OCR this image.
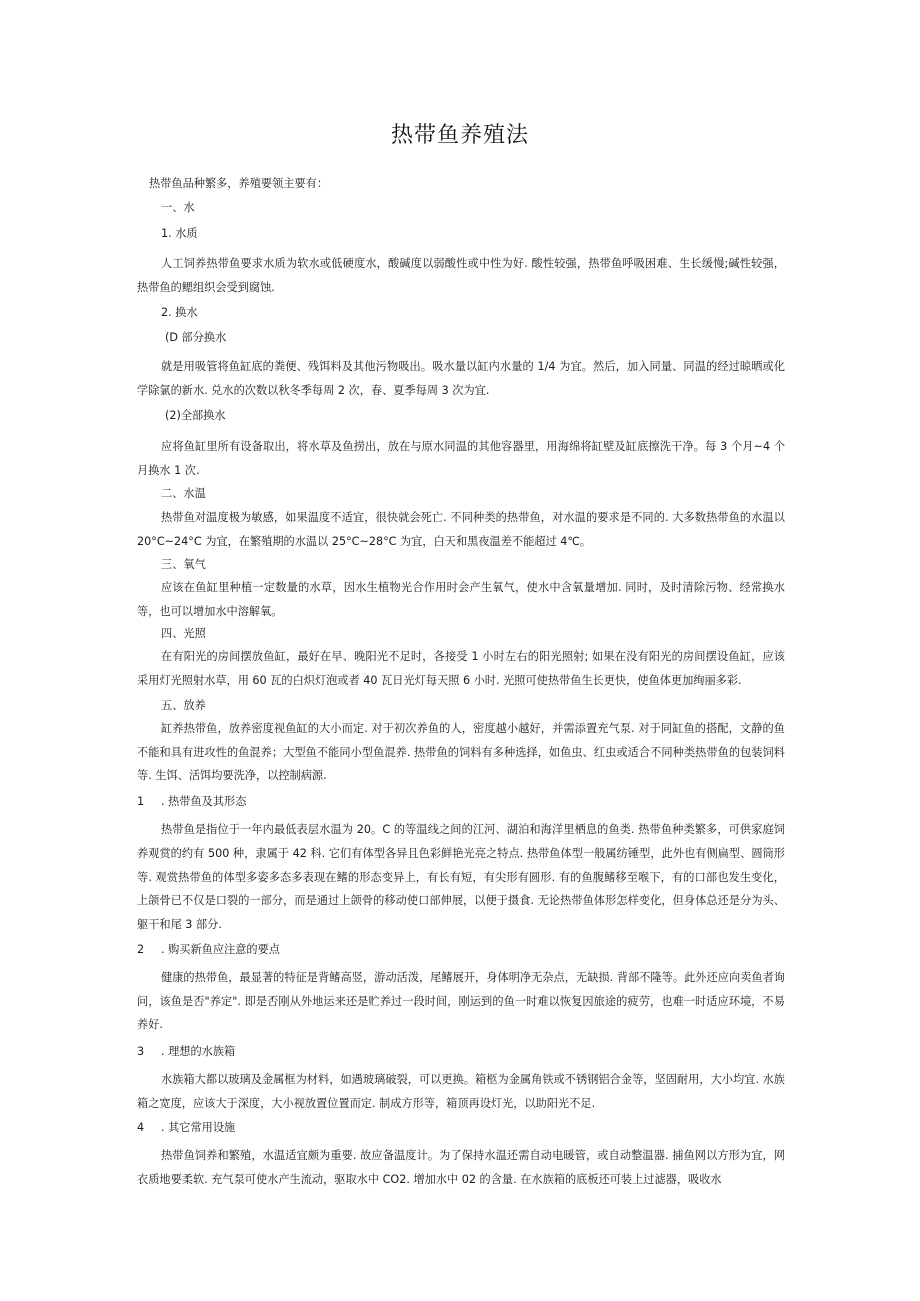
热带鱼养殖法
热带鱼品种繁多，养殖要领主要有：
一、水
1. 水质
人工饲养热带鱼要求水质为软水或低硬度水，酸碱度以弱酸性或中性为好. 酸性较强，热带鱼呼吸困难、生长缓慢;碱性较强，热带鱼的鳃组织会受到腐蚀.
2. 换水
(D 部分换水
就是用吸管将鱼缸底的粪便、残饵料及其他污物吸出。吸水量以缸内水量的 1/4 为宜。然后，加入同量、同温的经过晾晒或化学除氯的新水. 兑水的次数以秋冬季每周 2 次，春、夏季每周 3 次为宜.
(2)全部换水
应将鱼缸里所有设备取出，将水草及鱼捞出，放在与原水同温的其他容器里，用海绵将缸壁及缸底擦洗干净。每 3 个月~4 个月换水 1 次.
二、水温
热带鱼对温度极为敏感，如果温度不适宜，很快就会死亡. 不同种类的热带鱼，对水温的要求是不同的. 大多数热带鱼的水温以 20°C~24°C 为宜，在繁殖期的水温以 25°C~28°C 为宜，白天和黑夜温差不能超过 4℃。
三、氧气
应该在鱼缸里种植一定数量的水草，因水生植物光合作用时会产生氧气，使水中含氧量增加. 同时，及时清除污物、经常换水等，也可以增加水中溶解氧。
四、光照
在有阳光的房间摆放鱼缸，最好在早、晚阳光不足时，各接受 1 小时左右的阳光照射; 如果在没有阳光的房间摆设鱼缸，应该采用灯光照射水草，用 60 瓦的白炽灯泡或者 40 瓦日光灯每天照 6 小时. 光照可使热带鱼生长更快，使鱼体更加绚丽多彩.
五、放养
缸养热带鱼，放养密度视鱼缸的大小而定. 对于初次养鱼的人，密度越小越好，并需添置充气泵. 对于同缸鱼的搭配，文静的鱼不能和具有进攻性的鱼混养；大型鱼不能同小型鱼混养. 热带鱼的饲料有多种选择，如鱼虫、红虫或适合不同种类热带鱼的包装饲料等. 生饵、活饵均要洗净，以控制病源.
1 . 热带鱼及其形态
热带鱼是指位于一年内最低表层水温为 20。C 的等温线之间的江河、湖泊和海洋里栖息的鱼类. 热带鱼种类繁多，可供家庭饲养观赏的约有 500 种，隶属于 42 科. 它们有体型各异且色彩鲜艳光亮之特点. 热带鱼体型一般属纺锤型，此外也有侧扁型、圆筒形等. 观赏热带鱼的体型多姿多态多表现在鳍的形态变异上，有长有短，有尖形有圆形. 有的鱼腹鳍移至喉下，有的口部也发生变化，上颌骨已不仅是口裂的一部分，而是通过上颌骨的移动使口部伸展，以便于摄食. 无论热带鱼体形怎样变化，但身体总还是分为头、躯干和尾 3 部分.
2 . 购买新鱼应注意的要点
健康的热带鱼，最显著的特征是背鳍高竖，游动活泼，尾鳍展开，身体明净无杂点，无缺损. 背部不隆等。此外还应向卖鱼者询问，该鱼是否"养定". 即是否刚从外地运来还是贮养过一段时间，刚运到的鱼一时难以恢复因旅途的疲劳，也难一时适应环境，不易养好.
3 . 理想的水族箱
水族箱大都以玻璃及金属框为材料，如遇玻璃破裂，可以更换。箱柩为金属角铁或不锈钢铝合金等，坚固耐用，大小均宜. 水族箱之宽度，应该大于深度，大小视放置位置而定. 制成方形等，箱顶再设灯光，以助阳光不足.
4 . 其它常用设施
热带鱼饲养和繁殖，水温适宜颇为重要. 故应备温度计。为了保持水温还需自动电暖管，或自动整温器. 捕鱼网以方形为宜，网衣质地要柔软. 充气泵可使水产生流动，驱取水中 CO2. 增加水中 02 的含量. 在水族箱的底板还可装上过滤器，吸收水
